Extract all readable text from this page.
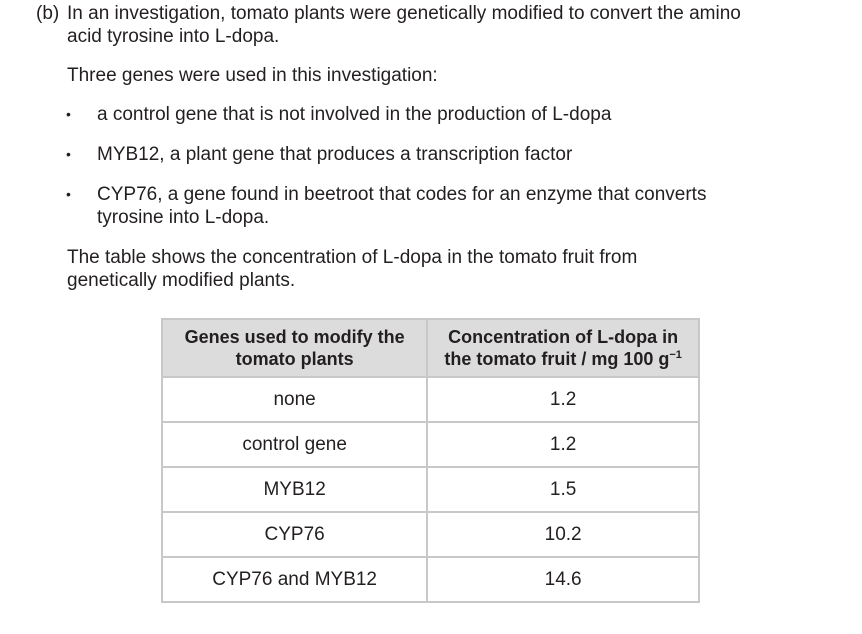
(b) In an investigation, tomato plants were genetically modified to convert the amino acid tyrosine into L-dopa.
Three genes were used in this investigation:
• a control gene that is not involved in the production of L-dopa
• MYB12, a plant gene that produces a transcription factor
• CYP76, a gene found in beetroot that codes for an enzyme that converts tyrosine into L-dopa.
The table shows the concentration of L-dopa in the tomato fruit from genetically modified plants.
Genes used to modify the tomato plants	Concentration of L-dopa in the tomato fruit / mg 100 $g^{-1}$
none	1.2
control gene	1.2
MYB12	1.5
CYP76	10.2
CYP76 and MYB12	14.6
